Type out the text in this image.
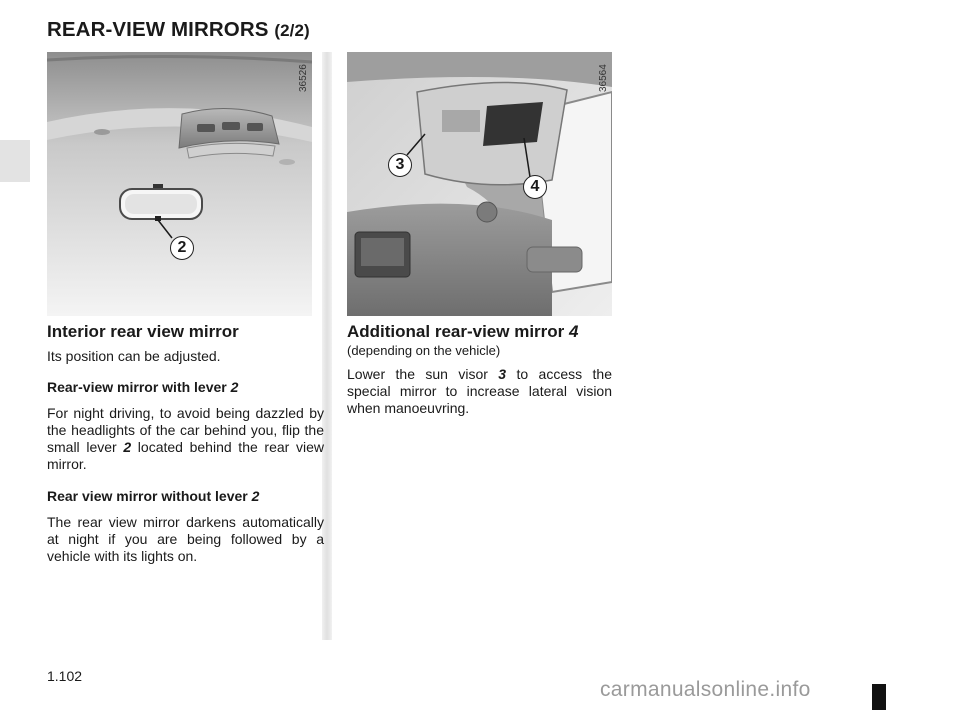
REAR-VIEW MIRRORS (2/2)
2
36526
3
4
36564
Interior rear view mirror

Its position can be adjusted.

Rear-view mirror with lever 2

For night driving, to avoid being dazzled by the headlights of the car behind you, flip the small lever 2 located behind the rear view mirror.

Rear view mirror without lever 2

The rear view mirror darkens automatically at night if you are being followed by a vehicle with its lights on.

Additional rear-view mirror 4

(depending on the vehicle)

Lower the sun visor 3 to access the special mirror to increase lateral vision when manoeuvring.

1.102
carmanualsonline.info
